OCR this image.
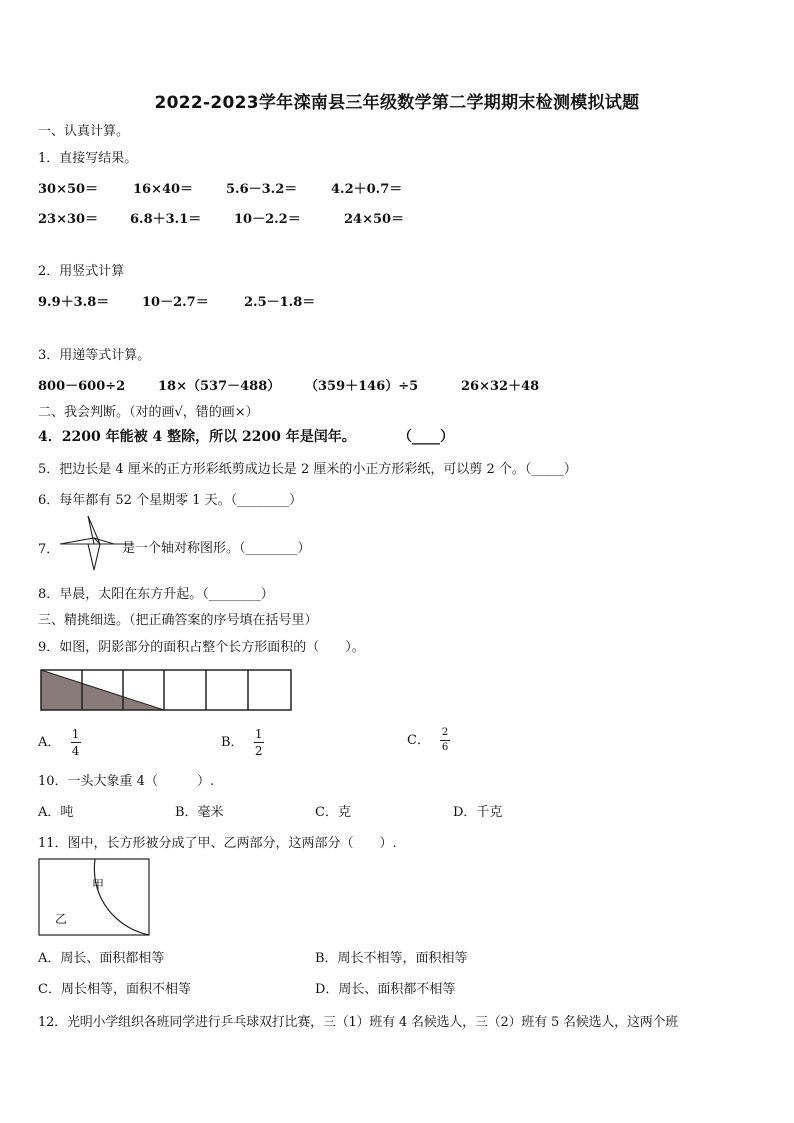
2022-2023学年滦南县三年级数学第二学期期末检测模拟试题
一、认真计算。
1．直接写结果。
30×50＝	16×40＝	5.6－3.2＝	4.2＋0.7＝
23×30＝ 6.8＋3.1＝	10－2.2＝	24×50＝
2．用竖式计算
9.9＋3.8＝	10－2.7＝	2.5－1.8＝
3．用递等式计算。
800－600÷2	18×（537－488） （359＋146）÷5	26×32＋48
二、我会判断。（对的画√，错的画×）
4．2200 年能被 4 整除，所以 2200 年是闰年。	（____）
5．把边长是 4 厘米的正方形彩纸剪成边长是 2 厘米的小正方形彩纸，可以剪 2 个。（_____）
6．每年都有 52 个星期零 1 天。（________）
7．	是一个轴对称图形。（________）
8．早晨，太阳在东方升起。（________）
三、精挑细选。（把正确答案的序号填在括号里）
9．如图，阴影部分的面积占整个长方形面积的（　　）。
A． $\frac{1}{4}$	B． $\frac{1}{2}$	C． $\frac{2}{6}$
10．一头大象重 4（　　　）.
A．吨	B．毫米	C．克	D．千克
11．图中，长方形被分成了甲、乙两部分，这两部分（　　）.
甲
乙
A．周长、面积都相等	B．周长不相等，面积相等
C．周长相等，面积不相等	D．周长、面积都不相等
12．光明小学组织各班同学进行乒乓球双打比赛，三（1）班有 4 名候选人，三（2）班有 5 名候选人，这两个班
